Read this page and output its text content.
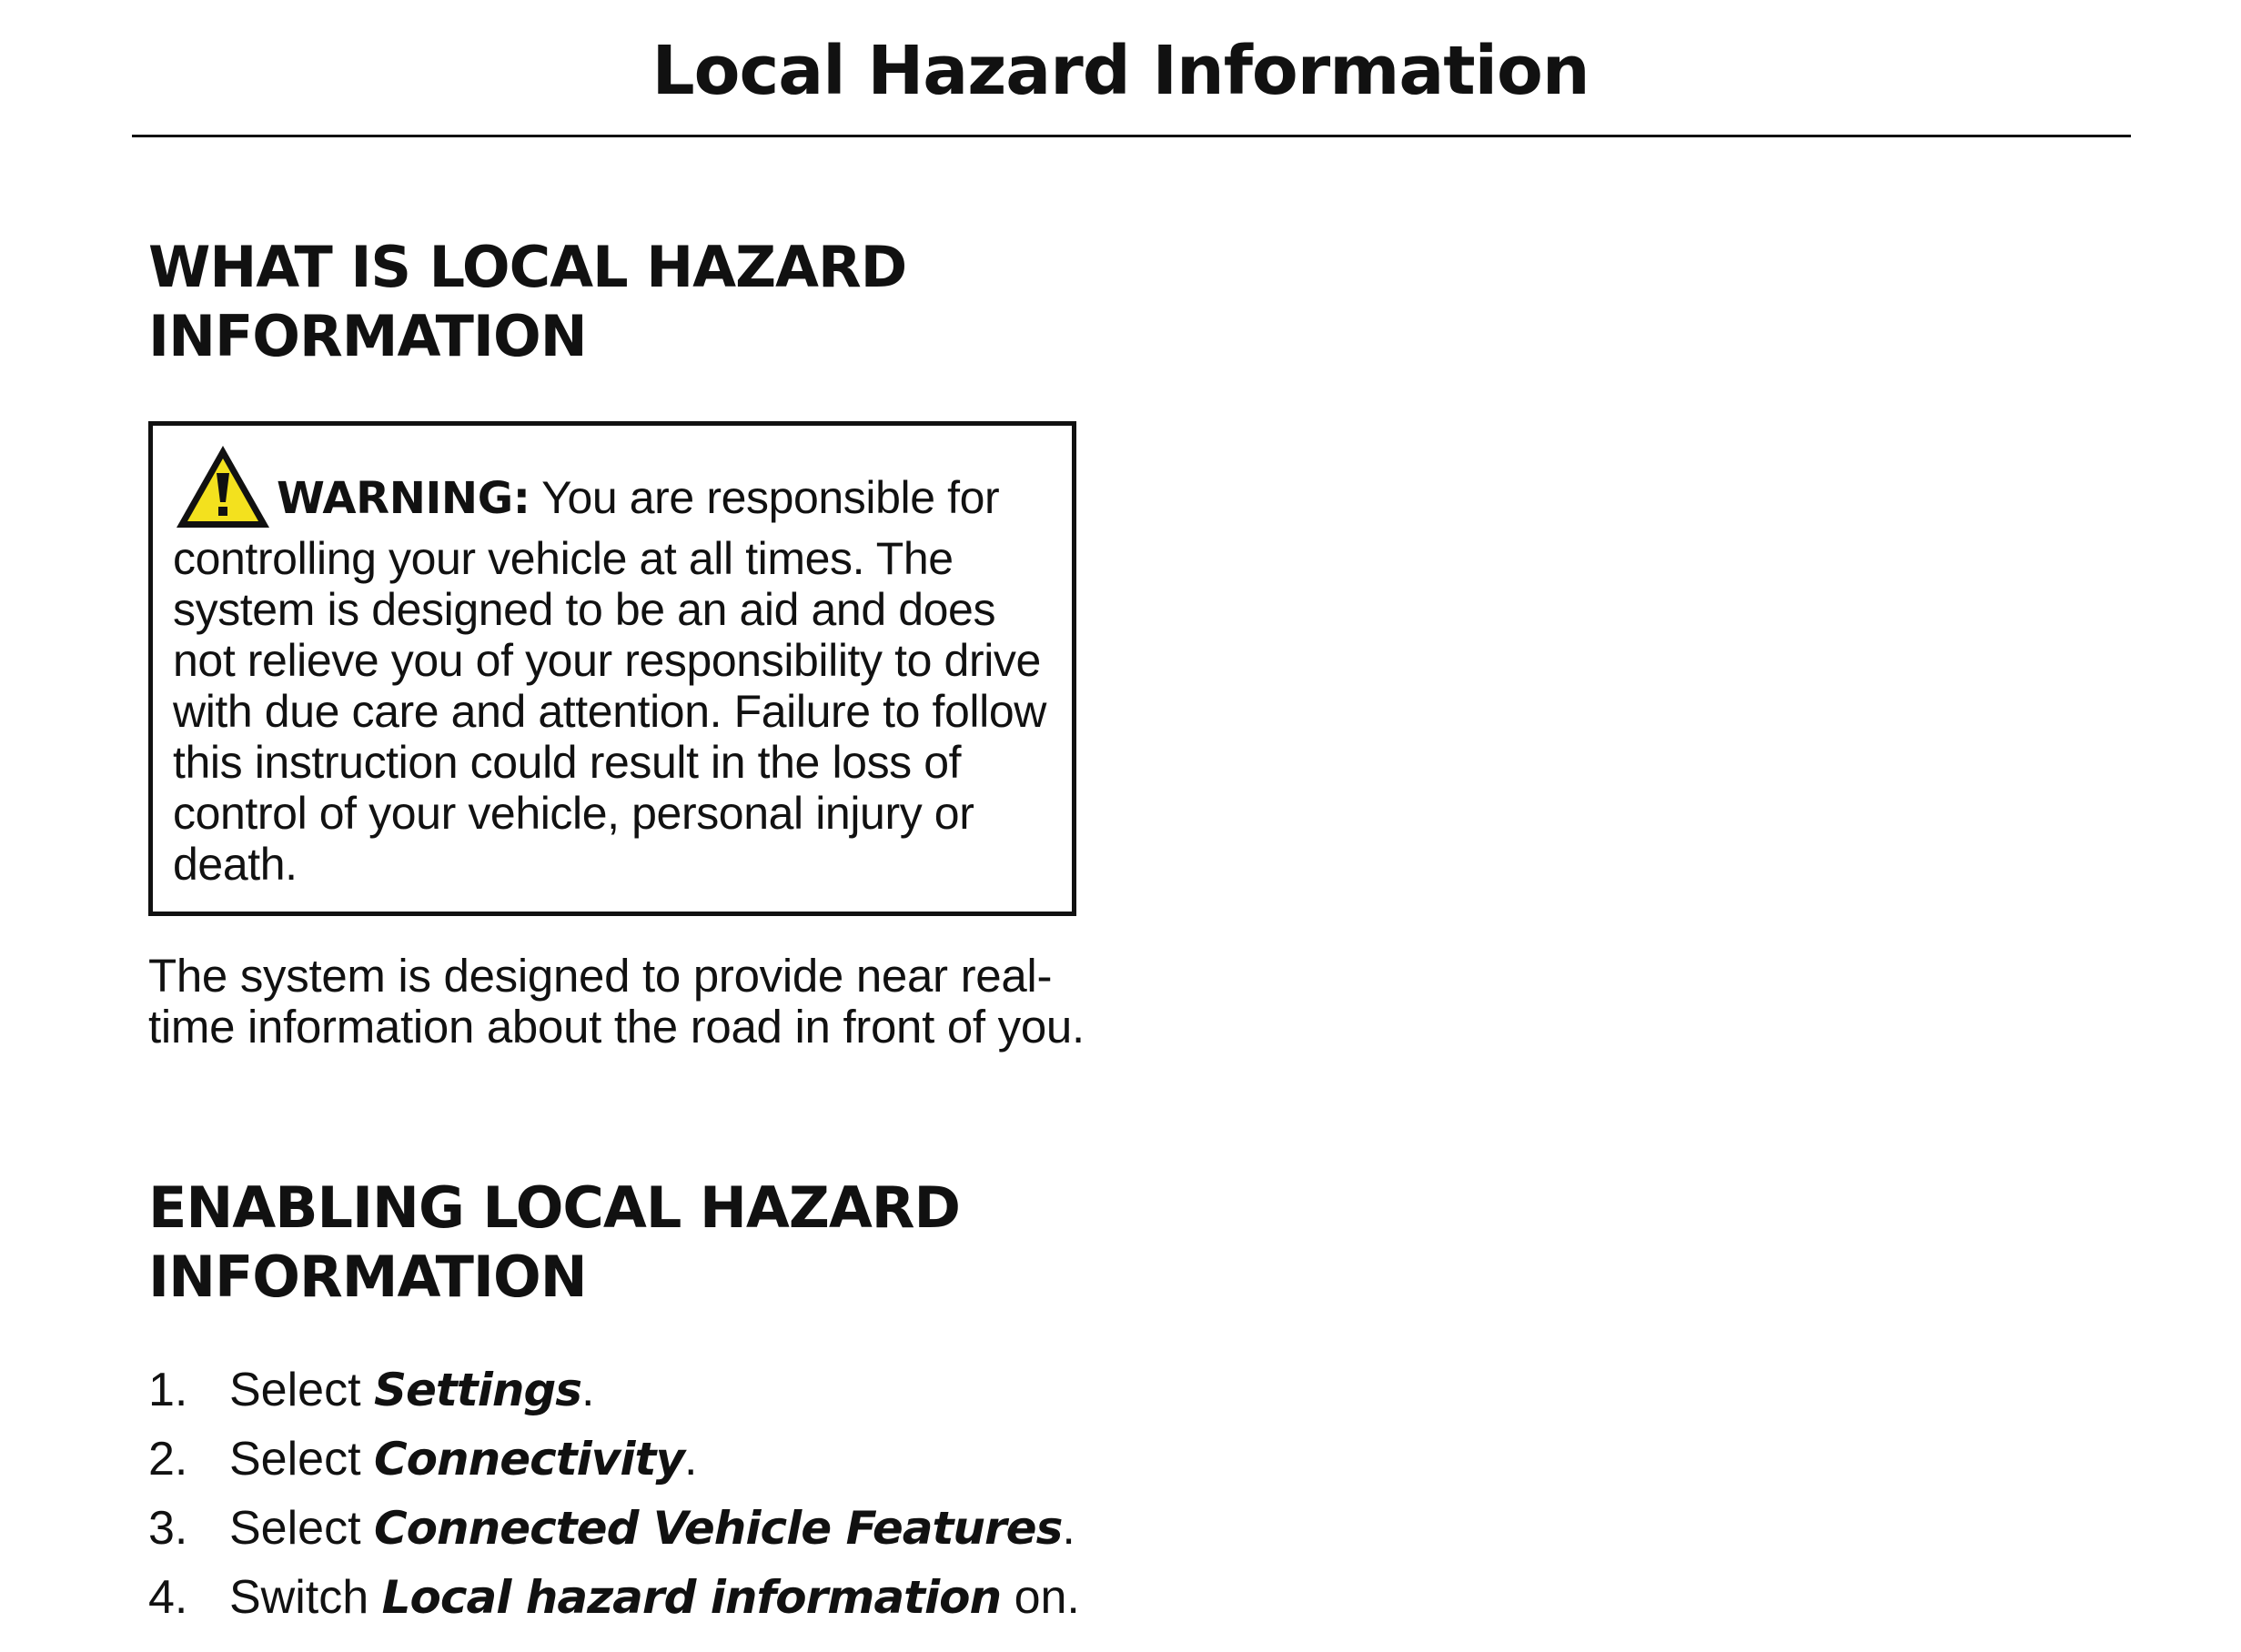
Local Hazard Information
WHAT IS LOCAL HAZARD
INFORMATION

WARNING: You are responsible for controlling your vehicle at all times. The system is designed to be an aid and does not relieve you of your responsibility to drive with due care and attention. Failure to follow this instruction could result in the loss of control of your vehicle, personal injury or death.

The system is designed to provide near real-time information about the road in front of you.

ENABLING LOCAL HAZARD
INFORMATION
1. Select Settings.
2. Select Connectivity.
3. Select Connected Vehicle Features.
4. Switch Local hazard information on.
